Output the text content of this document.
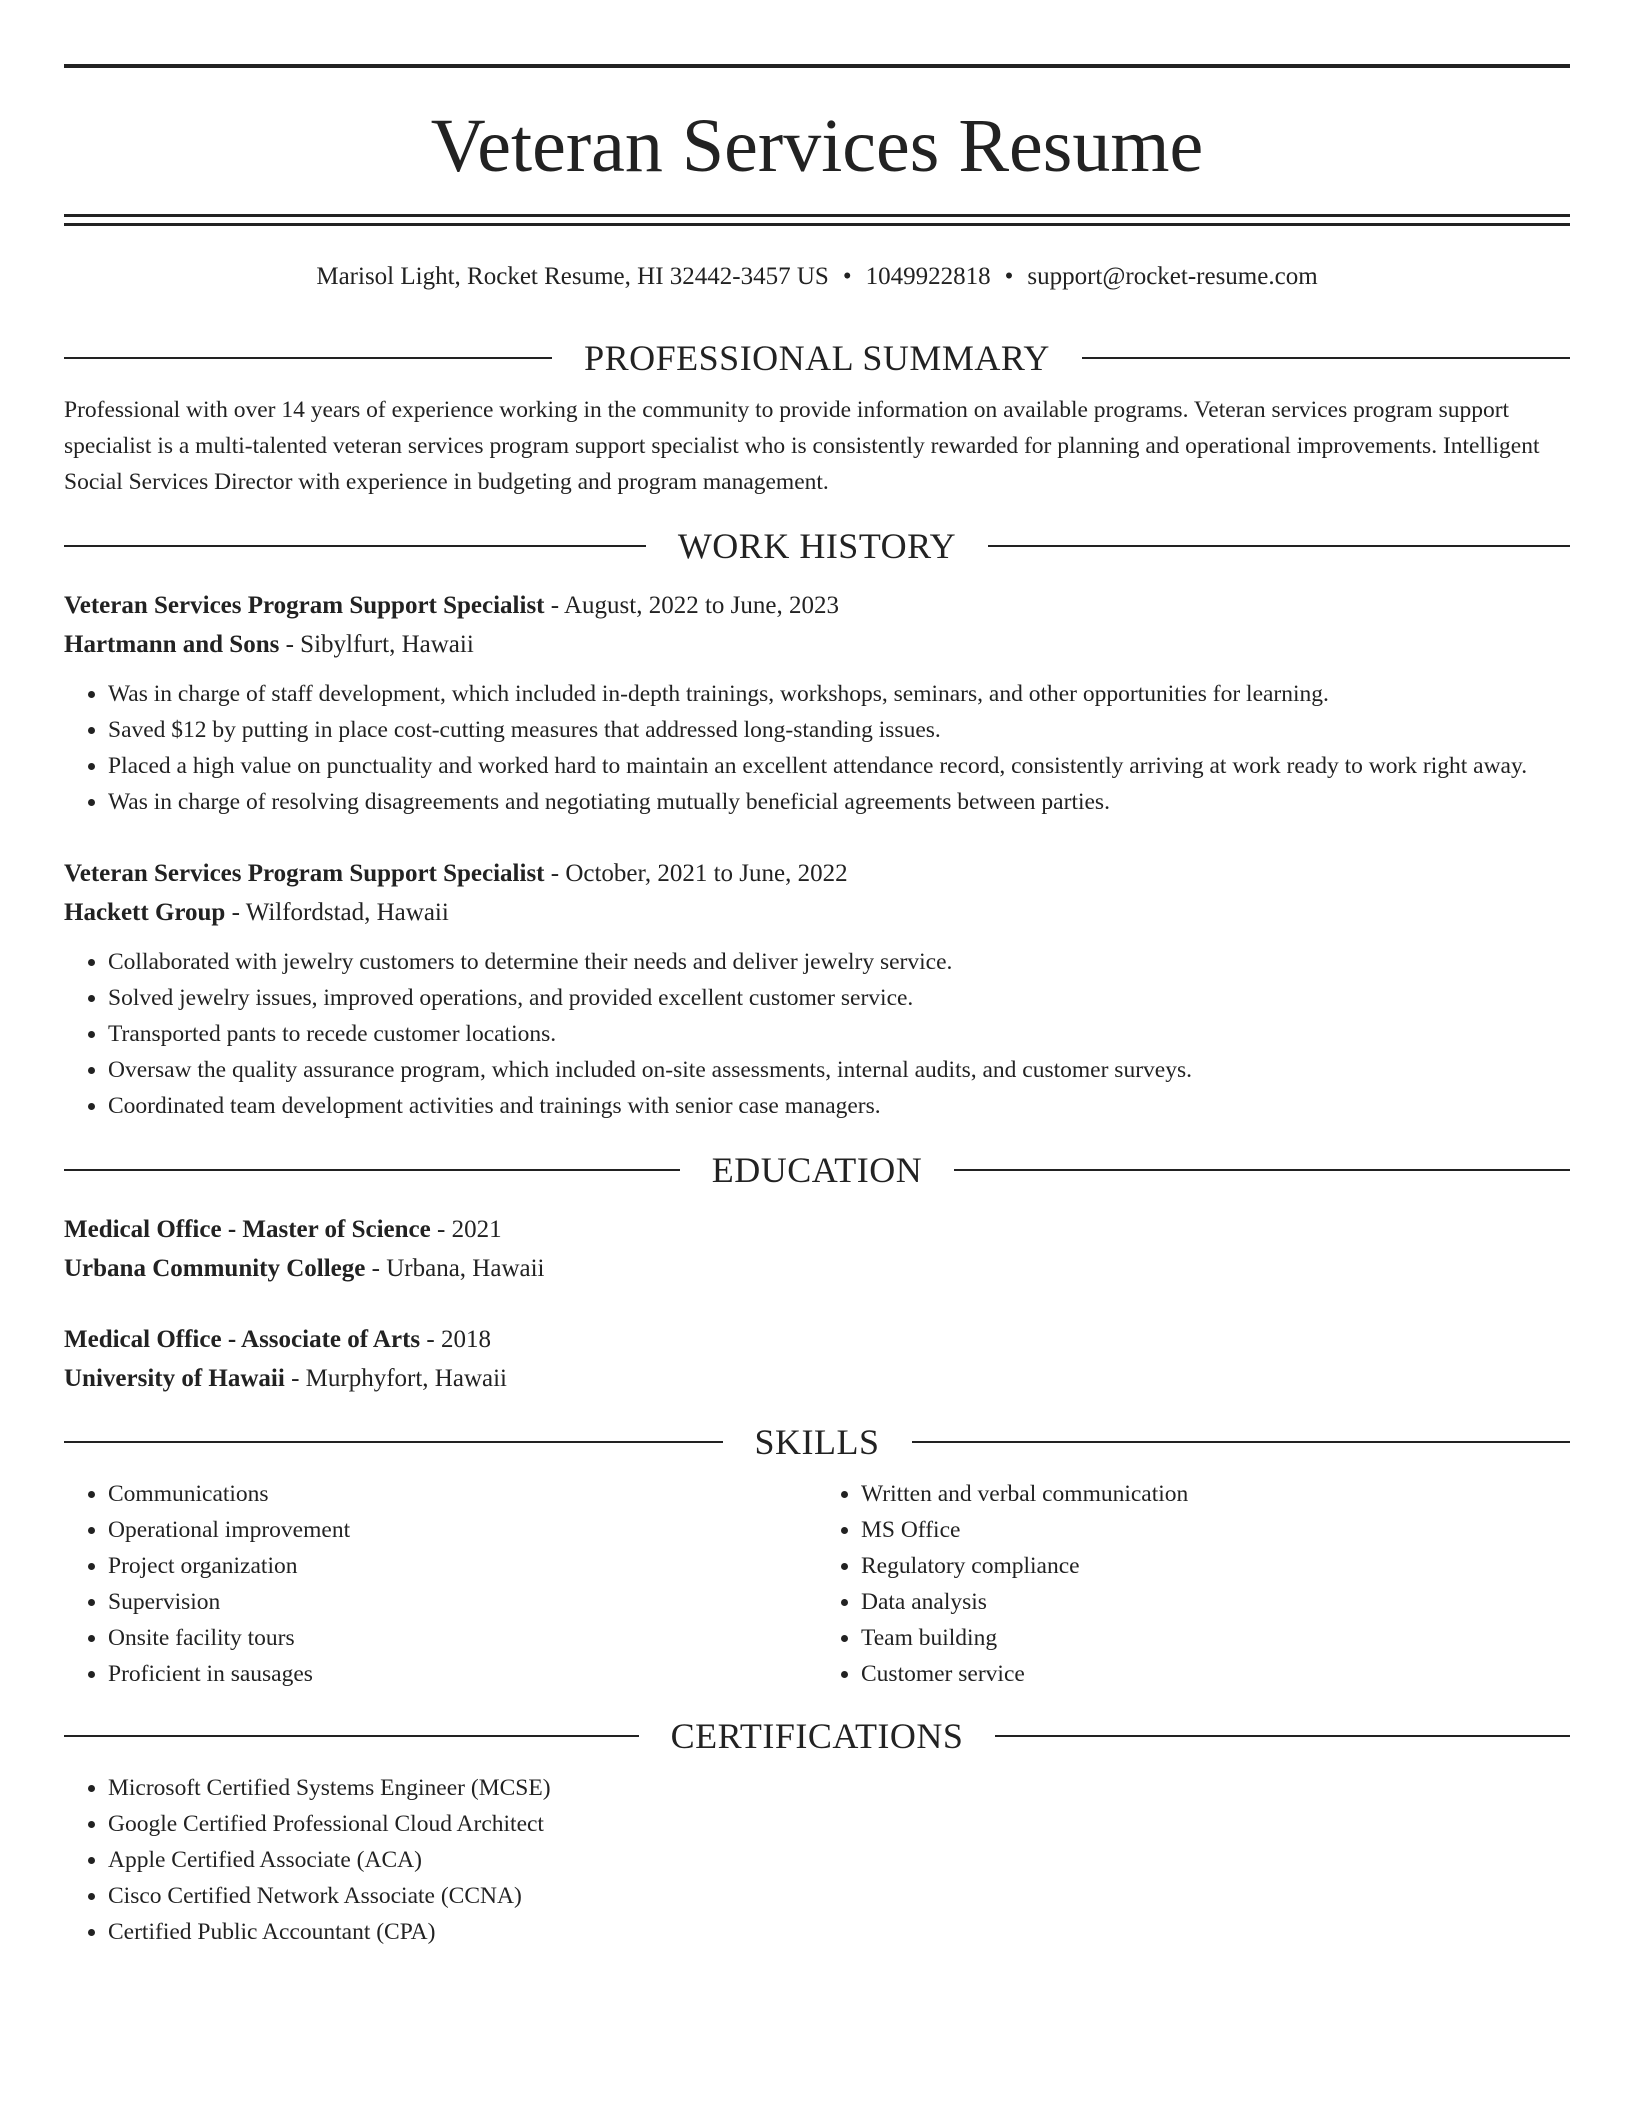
Veteran Services Resume
Marisol Light, Rocket Resume, HI 32442-3457 US • 1049922818 • support@rocket-resume.com
PROFESSIONAL SUMMARY
Professional with over 14 years of experience working in the community to provide information on available programs. Veteran services program support specialist is a multi-talented veteran services program support specialist who is consistently rewarded for planning and operational improvements. Intelligent Social Services Director with experience in budgeting and program management.
WORK HISTORY
Veteran Services Program Support Specialist - August, 2022 to June, 2023
Hartmann and Sons - Sibylfurt, Hawaii
• Was in charge of staff development, which included in-depth trainings, workshops, seminars, and other opportunities for learning.
• Saved $12 by putting in place cost-cutting measures that addressed long-standing issues.
• Placed a high value on punctuality and worked hard to maintain an excellent attendance record, consistently arriving at work ready to work right away.
• Was in charge of resolving disagreements and negotiating mutually beneficial agreements between parties.
Veteran Services Program Support Specialist - October, 2021 to June, 2022
Hackett Group - Wilfordstad, Hawaii
• Collaborated with jewelry customers to determine their needs and deliver jewelry service.
• Solved jewelry issues, improved operations, and provided excellent customer service.
• Transported pants to recede customer locations.
• Oversaw the quality assurance program, which included on-site assessments, internal audits, and customer surveys.
• Coordinated team development activities and trainings with senior case managers.
EDUCATION
Medical Office - Master of Science - 2021
Urbana Community College - Urbana, Hawaii
Medical Office - Associate of Arts - 2018
University of Hawaii - Murphyfort, Hawaii
SKILLS
• Communications
• Operational improvement
• Project organization
• Supervision
• Onsite facility tours
• Proficient in sausages
• Written and verbal communication
• MS Office
• Regulatory compliance
• Data analysis
• Team building
• Customer service
CERTIFICATIONS
• Microsoft Certified Systems Engineer (MCSE)
• Google Certified Professional Cloud Architect
• Apple Certified Associate (ACA)
• Cisco Certified Network Associate (CCNA)
• Certified Public Accountant (CPA)
